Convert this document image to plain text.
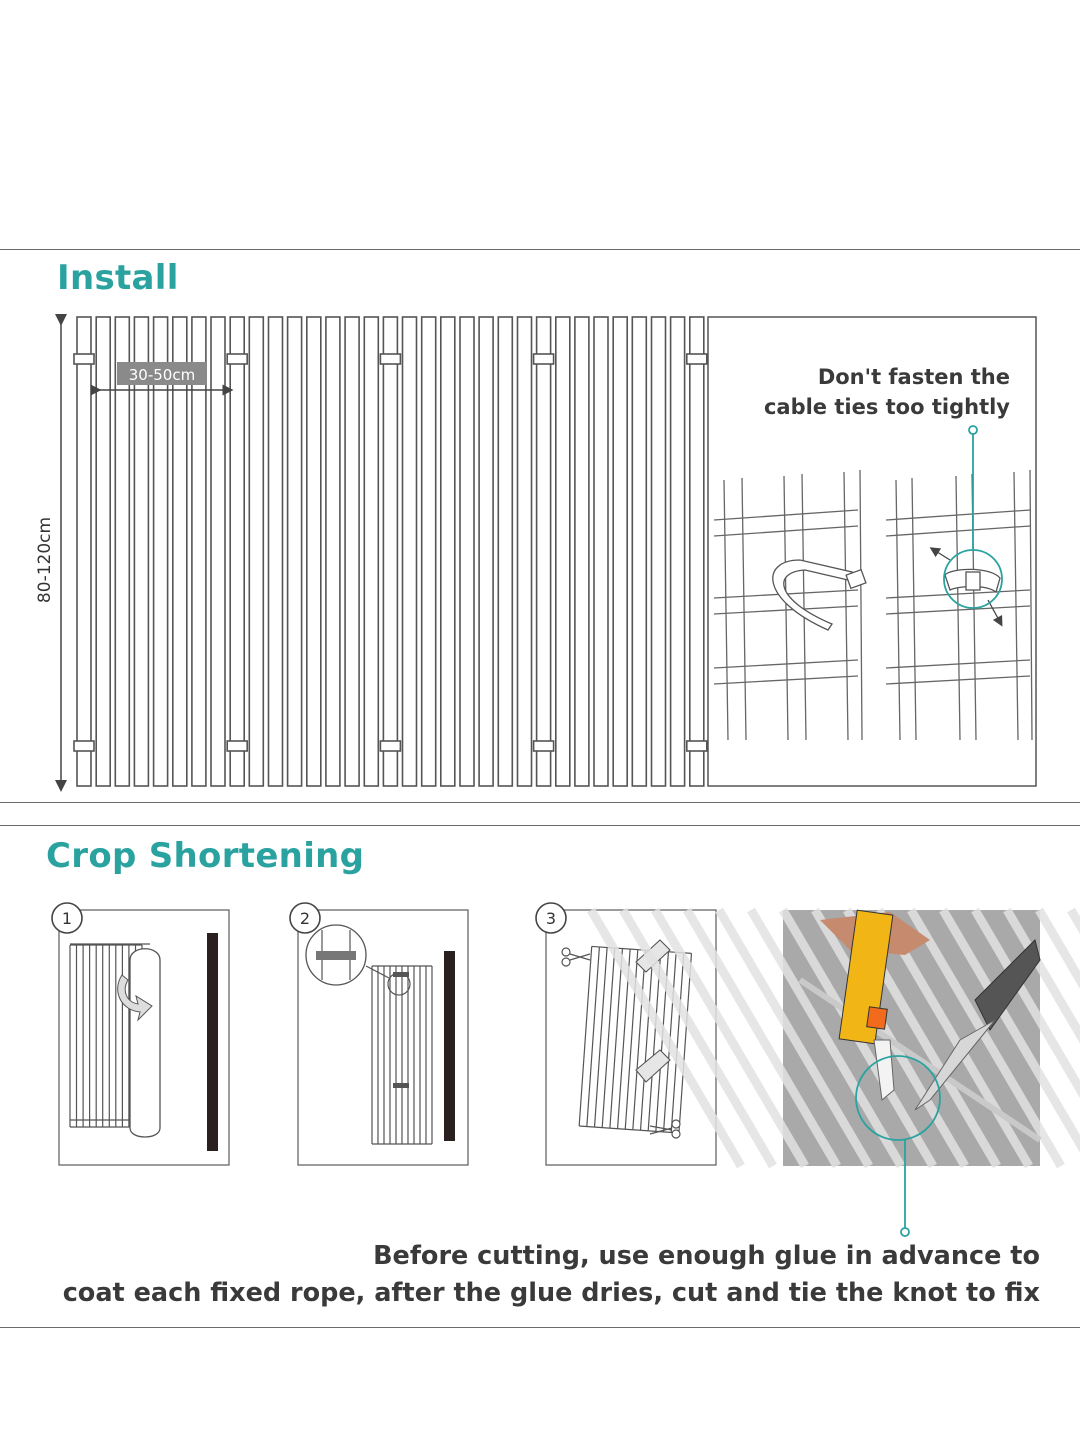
Install
Crop Shortening
80-120cm
30-50cm
1	2	3
Don't fasten the
cable ties too tightly
Before cutting, use enough glue in advance to
coat each fixed rope, after the glue dries, cut and tie the knot to fix
